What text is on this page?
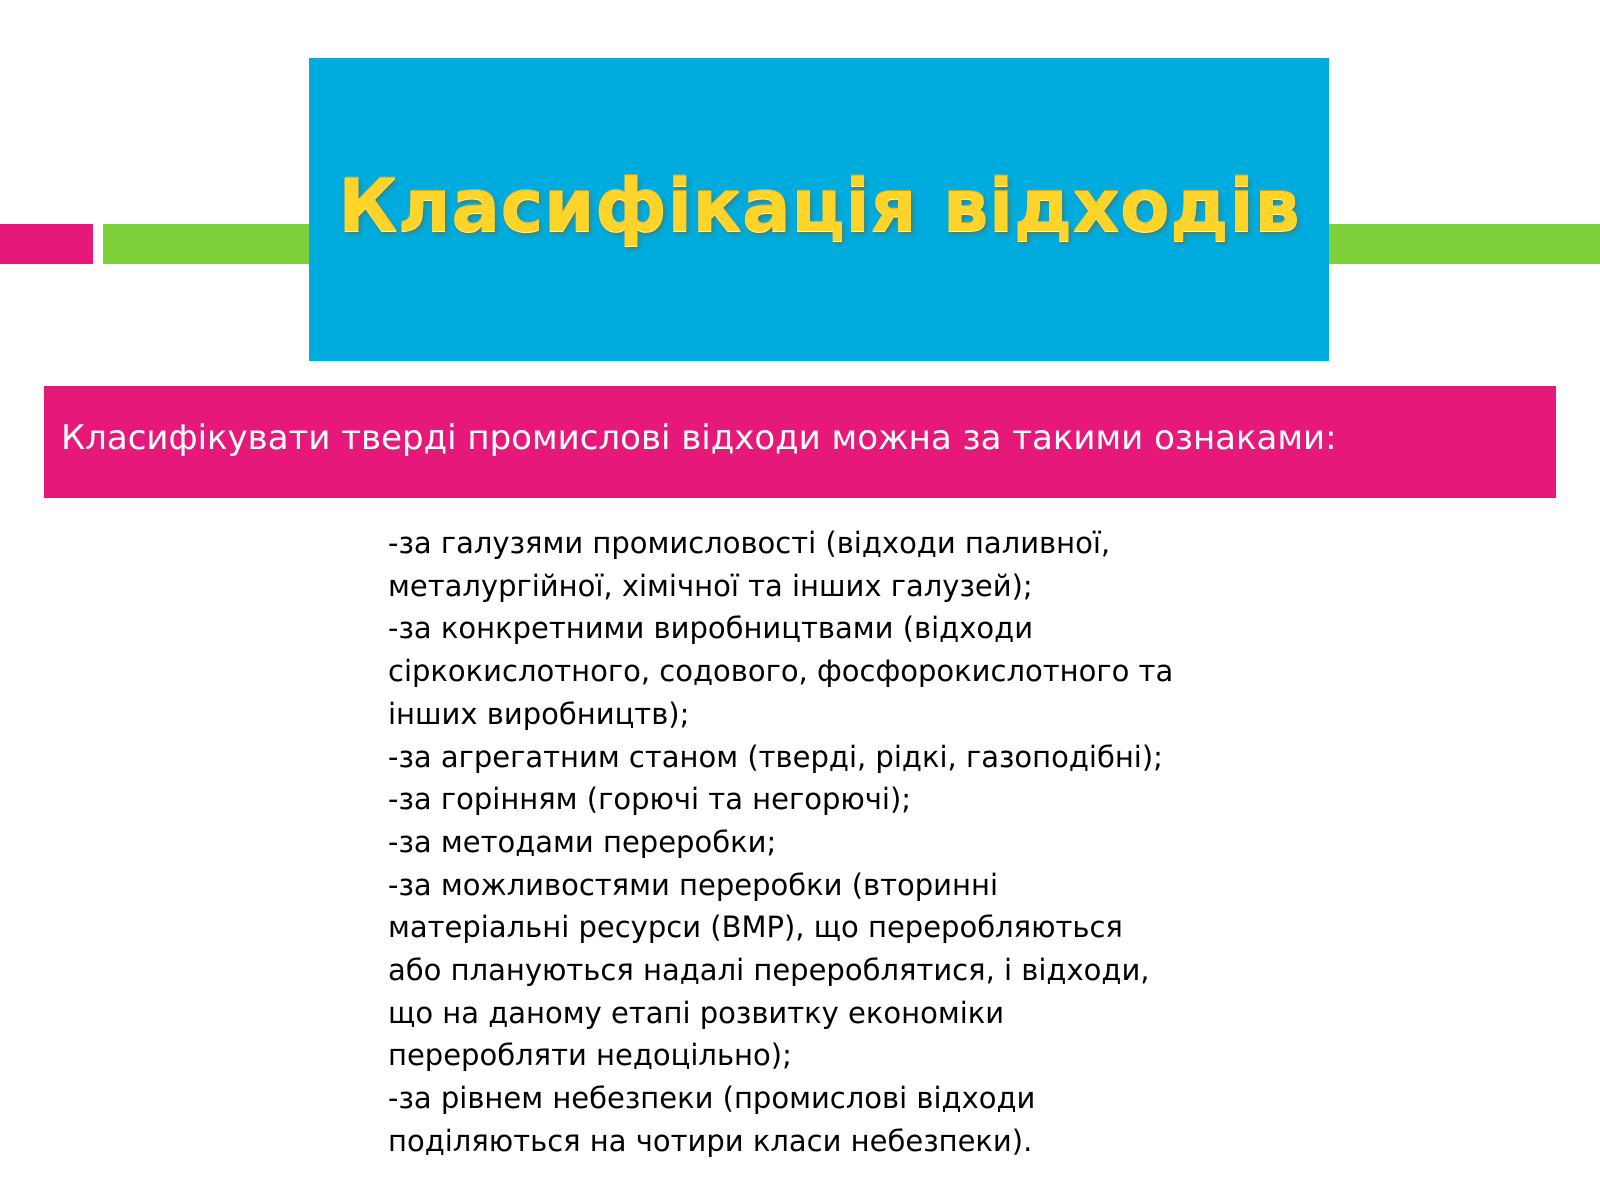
Класифікація відходів
Класифікувати тверді промислові відходи можна за такими ознаками:
-за галузями промисловості (відходи паливної,
металургійної, хімічної та інших галузей);
-за конкретними виробництвами (відходи
сіркокислотного, содового, фосфорокислотного та
інших виробництв);
-за агрегатним станом (тверді, рідкі, газоподібні);
-за горінням (горючі та негорючі);
-за методами переробки;
-за можливостями переробки (вторинні
матеріальні ресурси (ВМР), що переробляються
або плануються надалі перероблятися, і відходи,
що на даному етапі розвитку економіки
переробляти недоцільно);
-за рівнем небезпеки (промислові відходи
поділяються на чотири класи небезпеки).
